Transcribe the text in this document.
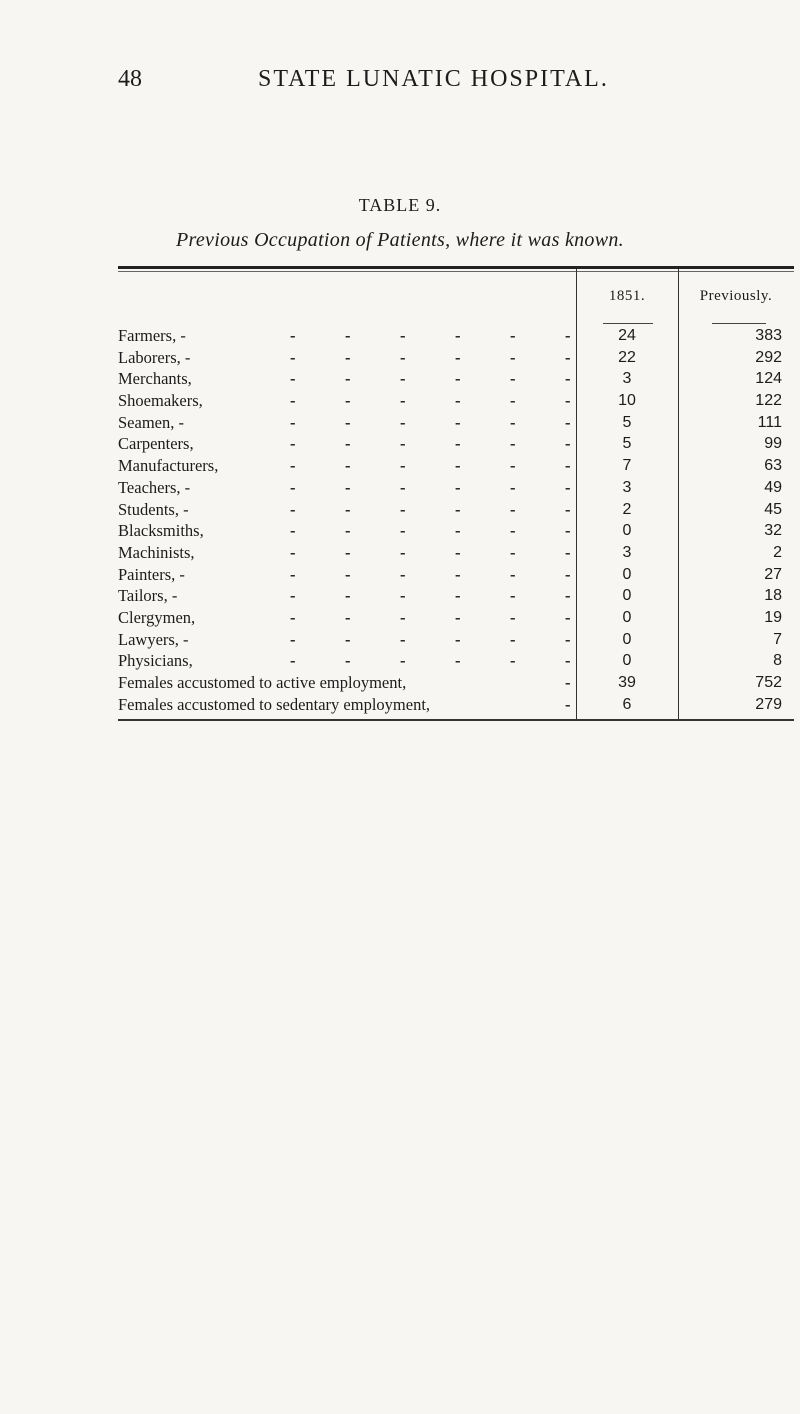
48	STATE LUNATIC HOSPITAL.
TABLE 9.
Previous Occupation of Patients, where it was known.
1851.	Previously.
Farmers, -	-	-	-	-	-	-	24	383
Laborers, -	-	-	-	-	-	-	22	292
Merchants,	-	-	-	-	-	-	3	124
Shoemakers,	-	-	-	-	-	-	10	122
Seamen, -	-	-	-	-	-	-	5	111
Carpenters,	-	-	-	-	-	-	5	99
Manufacturers,	-	-	-	-	-	-	7	63
Teachers, -	-	-	-	-	-	-	3	49
Students, -	-	-	-	-	-	-	2	45
Blacksmiths,	-	-	-	-	-	-	0	32
Machinists,	-	-	-	-	-	-	3	2
Painters, -	-	-	-	-	-	-	0	27
Tailors, -	-	-	-	-	-	-	0	18
Clergymen,	-	-	-	-	-	-	0	19
Lawyers, -	-	-	-	-	-	-	0	7
Physicians,	-	-	-	-	-	-	0	8
Females accustomed to active employment,	-	39	752
Females accustomed to sedentary employment,	-	6	279
